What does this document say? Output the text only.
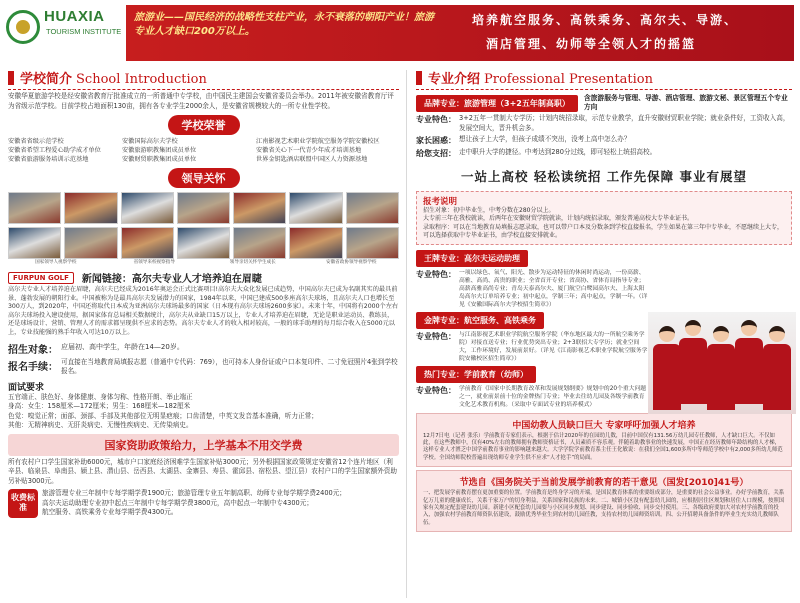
HUAXIA
TOURISM INSTITUTE
旅游业——国民经济的战略性支柱产业，永不衰落的朝阳产业！旅游专业人才缺口200万以上。
培养航空服务、高铁乘务、高尔夫、导游、
酒店管理、幼师等全领人才的摇篮
学校简介 School Introduction
安徽华夏旅游学校是经安徽省教育厅批准成立的一所普通中专学校，由中国民主建国会安徽省委员会举办。2011年被安徽省教育厅评为省级示范学校。目前学校占地面积130亩，拥有各专业学生2000余人，是安徽省规模较大的一所专业性学校。
学校荣誉
安徽省省级示范学校	安徽国际高尔夫学校	江南影视艺术职业学院航空服务学院安徽校区
安徽省希望工程爱心助学成才单位	安徽旅游职教集团成员单位	安徽省关心下一代青少年成才培训基地
安徽省旅游服务培训示范基地	安徽财贸职教集团成员单位	世界金钥匙酒店联盟中国区人力资源基地
领导关怀
国家领导人视察学校	省领导来校视察指导	领导亲切关怀学生成长	安徽省政协领导视察学校
FURPUN GOLF	新闻链接：高尔夫专业人才培养迫在眉睫
高尔夫专业人才培养迫在眉睫，高尔夫已经成为2016年奥运会正式比赛项目!高尔夫大众化发展已成趋势，中国高尔夫已成为名副其实的最具前景、蓬勃发展的朝阳行业。中国被称为是最具高尔夫发展潜力的国家，1984年以来，中国已建成500多座高尔夫球场，且高尔夫人口也增长至300万人，到2020年，中国还将取代日本成为亚洲高尔夫球场最多的国家（日本现有高尔夫球场2600多家）。未来十年，中国将有2000个左右高尔夫球场投入建设使用，据国家体育总局相关数据统计，高尔夫从业缺口15万以上，专业人才培养迫在眉睫，无论是职业运动员、教练员，还是球场设计、营销、管理人才的需求都呈现供不应求的态势。高尔夫专业人才的收入相对较高，一般的球手助理的每月综合收入在5000元以上，专业技能强的熟手年收入可达10万以上。
招生对象： 应届初、高中学生，年龄在14—20岁。
报名手续： 可直接在当地教育局填报志愿（普通中专代码：769），也可持本人身份证或户口本复印件、二寸免冠照片4张到学校报名。
面试要求
五官端正、肤色好、身体健康、身体匀称、性格开朗、举止端正
身高：女生：158厘米—172厘米；男生：168厘米—182厘米
色觉：嗅觉正常；面部、颈部、手部及其他部位无明显疤痕；口齿清楚，中英文发音基本准确，听力正常；
其他：无精神病史、无肝炎病史、无慢性疾病史、无传染病史。
国家资助政策给力，上学基本不用交学费
所有农村户口学生国家补助6000元，城市户口家庭经济困难学生国家补贴3000元；另外根据国家政策规定安徽省12个连片地区（利辛县、临泉县、阜南县、颍上县、潜山县、岳西县、太湖县、金寨县、寿县、霍邱县、宿松县、望江县）农村户口的学生国家额外资助另补贴3000元。
收费标准
旅游管理专业三年制中专每学期学费1900元；旅游管理专业五年制高职、幼师专业每学期学费2400元；
高尔夫运动助理专业初中起点三年制中专每学期学费3800元，高中起点一年制中专4300元；
航空服务、高铁乘务专业每学期学费4300元。
专业介绍 Professional Presentation
品牌专业：旅游管理（3+2五年制高职）
含旅游服务与管理、导游、酒店管理、旅游文秘、景区管理五个专业方向
专业特色： 3+2五年一贯制大专学历；计划内统招录取，示范专业教学，直升安徽财贸职业学院；就业条件好，工资收入高，发展空间大，晋升机会多。
家长困惑： 想让孩子上大学，但孩子成绩不突出，没考上高中怎么办？
给您支招： 走中职升大学的捷径。中考达到280分过线，即可轻松上统招高校。
一站上高校 轻松读统招 工作先保障 事业有展望
报考说明
招生对象：初中毕业生，中考分数在280分以上。
大专前三年在我校就读，后两年在安徽财贸学院就读，计划内统招录取，颁发普通高校大专毕业证书。
录取程序：可以在当地教育局填报志愿录取，也可以带户口本及分数条到学校直接报名，学生如果在第三年中专毕业，不愿继续上大专，可以选择获取中专毕业证书，由学校直接安排就业。
王牌专业：高尔夫运动助理
专业特色： 一项以绿色、氧气、阳光、散步为运动特征的休闲时尚运动，一份高薪、高雅、高尚、高贵的职业；全省首开专业；省高协、省体育局指导专业；高薪高雅高尚专业；青岛天泰高尔夫、厦门航空白鹭园高尔夫、上海太阳岛高尔夫订单培养专业；初中起点，学制三年；高中起点，学制一年。（详见《安徽国际高尔夫学校招生简章》）
金牌专业：航空服务、高铁乘务
专业特色： 与江南影视艺术职业学院航空服务学院（华东地区最大的一所航空乘务学院）对接直送专业；行业优势突出专业；2+3联招大专学历；就业空间大，工作环境好，发展前景好。（详见《江南影视艺术职业学院航空服务学院安徽校区招生简章》）
热门专业：学前教育（幼师）
专业特色： 学前教育《国家中长期教育改革和发展规划纲要》规划中的20个重大问题之一，就业前景前十位的金牌热门专业；毕业去往幼儿园及各级学前教育文化艺术教育机构。（采取中专面试专业的培养模式）
中国幼教人员缺口巨大 专家呼吁加强人才培养
12月7日电（记者 张乐）学前教育专家们表示，根据于估计2020年的在园幼儿数，目前中国仅有131.56万幼儿园专任教师，人才缺口巨大。不仅如此，在这些教师中，仅有40%左右的教师拥有教师资格证书，人员素质不容乐观。伴随着助教事业的快速发展，中国正在经历教师年龄结构的人才梯，这样专业人才匮乏中国学前教育事业的影响越来越大。大学学院学前教育系主任王化敏说：在我们全国1,600多所中等师范学校中有2,000多所幼儿师范学校。全国幼师院校普遍出现幼师专业学生供不应求“人才抢手”的局面。
节选自《国务院关于当前发展学前教育的若干意见（国发[2010]41号）
一、把发展学前教育摆在更加重要的位置。学前教育是终身学习的开端，是国民教育体系的重要组成部分，是重要的社会公益事业。办好学前教育，关系亿万儿童的健康成长，关系千家万户的切身利益，关系国家和民族的未来。二、城镇小区没有配套幼儿园的，应根据居住区规划和居住人口规模，按照国家有关规定配套建设幼儿园。新建小区配套幼儿园要与小区同步规划、同步建设、同步验收、同步交付使用。三、各级政府要加大对农村学前教育的投入，加强农村学前教育师资队伍建设，鼓励优秀毕业生到农村幼儿园任教，支持农村幼儿园师资培训。四、公开招聘具备条件的毕业生充实幼儿教师队伍。
